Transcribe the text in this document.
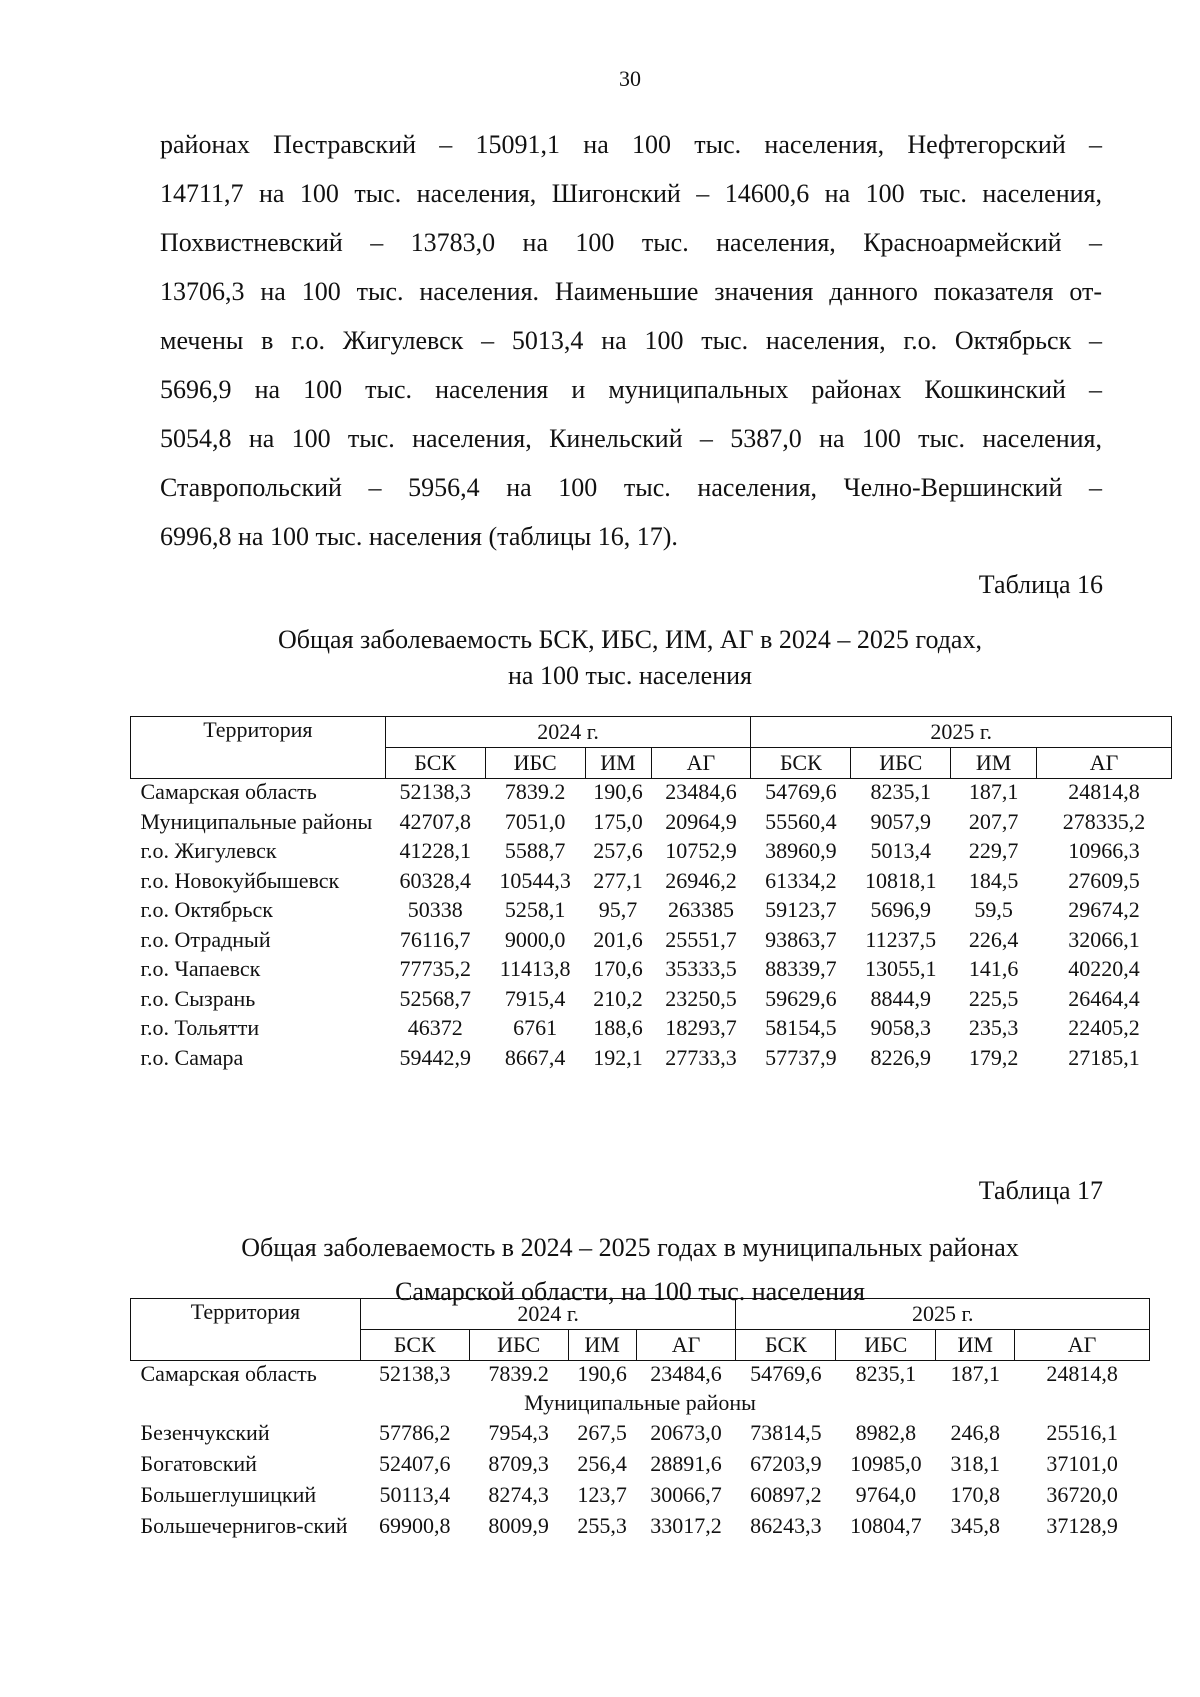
30
районах Пестравский – 15091,1 на 100 тыс. населения, Нефтегорский –
14711,7 на 100 тыс. населения, Шигонский – 14600,6 на 100 тыс. населения,
Похвистневский – 13783,0 на 100 тыс. населения, Красноармейский –
13706,3 на 100 тыс. населения. Наименьшие значения данного показателя от-
мечены в г.о. Жигулевск – 5013,4 на 100 тыс. населения, г.о. Октябрьск –
5696,9 на 100 тыс. населения и муниципальных районах Кошкинский –
5054,8 на 100 тыс. населения, Кинельский – 5387,0 на 100 тыс. населения,
Ставропольский – 5956,4 на 100 тыс. населения, Челно-Вершинский –
6996,8 на 100 тыс. населения (таблицы 16, 17).
Таблица 16
Общая заболеваемость БСК, ИБС, ИМ, АГ в 2024 – 2025 годах,
на 100 тыс. населения
Территория	2024 г.				2025 г.			
	БСК	ИБС	ИМ	АГ	БСК	ИБС	ИМ	АГ
Самарская область	52138,3	7839.2	190,6	23484,6	54769,6	8235,1	187,1	24814,8
Муниципальные районы	42707,8	7051,0	175,0	20964,9	55560,4	9057,9	207,7	278335,2
г.о. Жигулевск	41228,1	5588,7	257,6	10752,9	38960,9	5013,4	229,7	10966,3
г.о. Новокуйбышевск	60328,4	10544,3	277,1	26946,2	61334,2	10818,1	184,5	27609,5
г.о. Октябрьск	50338	5258,1	95,7	263385	59123,7	5696,9	59,5	29674,2
г.о. Отрадный	76116,7	9000,0	201,6	25551,7	93863,7	11237,5	226,4	32066,1
г.о. Чапаевск	77735,2	11413,8	170,6	35333,5	88339,7	13055,1	141,6	40220,4
г.о. Сызрань	52568,7	7915,4	210,2	23250,5	59629,6	8844,9	225,5	26464,4
г.о. Тольятти	46372	6761	188,6	18293,7	58154,5	9058,3	235,3	22405,2
г.о. Самара	59442,9	8667,4	192,1	27733,3	57737,9	8226,9	179,2	27185,1
Таблица 17
Общая заболеваемость в 2024 – 2025 годах в муниципальных районах
Самарской области, на 100 тыс. населения
Территория	2024 г.				2025 г.			
	БСК	ИБС	ИМ	АГ	БСК	ИБС	ИМ	АГ
Самарская область	52138,3	7839.2	190,6	23484,6	54769,6	8235,1	187,1	24814,8
Муниципальные районы								
Безенчукский	57786,2	7954,3	267,5	20673,0	73814,5	8982,8	246,8	25516,1
Богатовский	52407,6	8709,3	256,4	28891,6	67203,9	10985,0	318,1	37101,0
Большеглушицкий	50113,4	8274,3	123,7	30066,7	60897,2	9764,0	170,8	36720,0
Большечернигов-ский	69900,8	8009,9	255,3	33017,2	86243,3	10804,7	345,8	37128,9
